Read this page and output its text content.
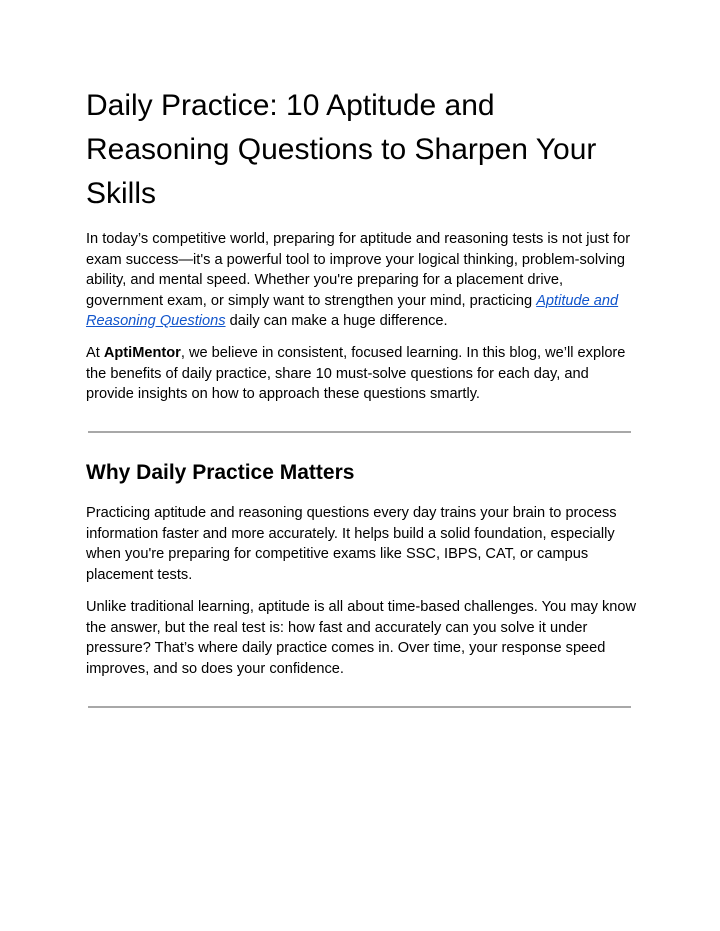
Daily Practice: 10 Aptitude and Reasoning Questions to Sharpen Your Skills

In today’s competitive world, preparing for aptitude and reasoning tests is not just for exam success—it's a powerful tool to improve your logical thinking, problem-solving ability, and mental speed. Whether you're preparing for a placement drive, government exam, or simply want to strengthen your mind, practicing Aptitude and Reasoning Questions daily can make a huge difference.

At AptiMentor, we believe in consistent, focused learning. In this blog, we’ll explore the benefits of daily practice, share 10 must-solve questions for each day, and provide insights on how to approach these questions smartly.

Why Daily Practice Matters

Practicing aptitude and reasoning questions every day trains your brain to process information faster and more accurately. It helps build a solid foundation, especially when you're preparing for competitive exams like SSC, IBPS, CAT, or campus placement tests.

Unlike traditional learning, aptitude is all about time-based challenges. You may know the answer, but the real test is: how fast and accurately can you solve it under pressure? That’s where daily practice comes in. Over time, your response speed improves, and so does your confidence.
